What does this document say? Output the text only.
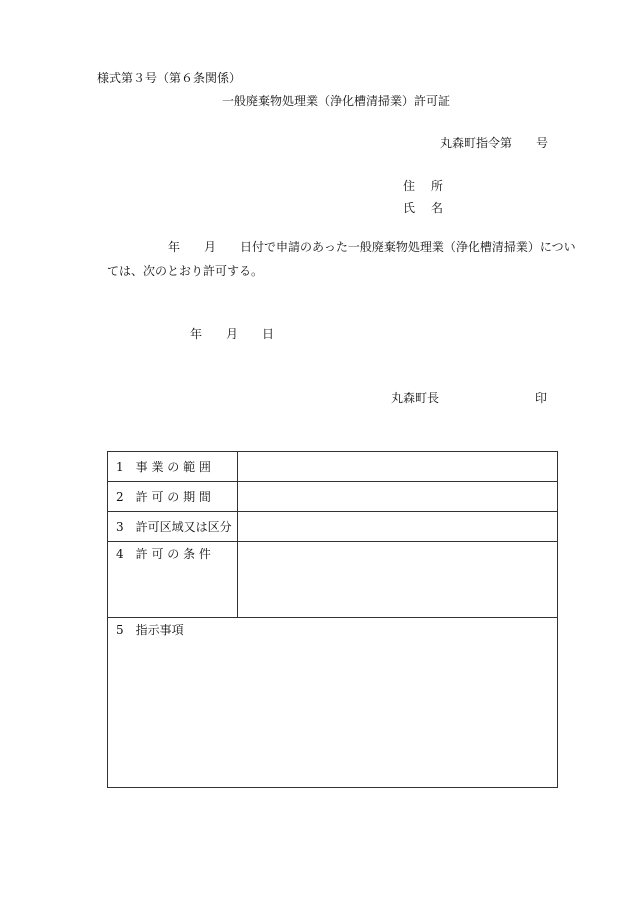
様式第３号（第６条関係）
一般廃棄物処理業（浄化槽清掃業）許可証
丸森町指令第　　号
住　所
氏　名
年　　月　　日付で申請のあった一般廃棄物処理業（浄化槽清掃業）につい
ては、次のとおり許可する。
年　　月　　日
丸森町長	印
1　事 業 の 範 囲	
2　許 可 の 期 間	
3　許可区域又は区分	
4　許 可 の 条 件	
5　指示事項	
